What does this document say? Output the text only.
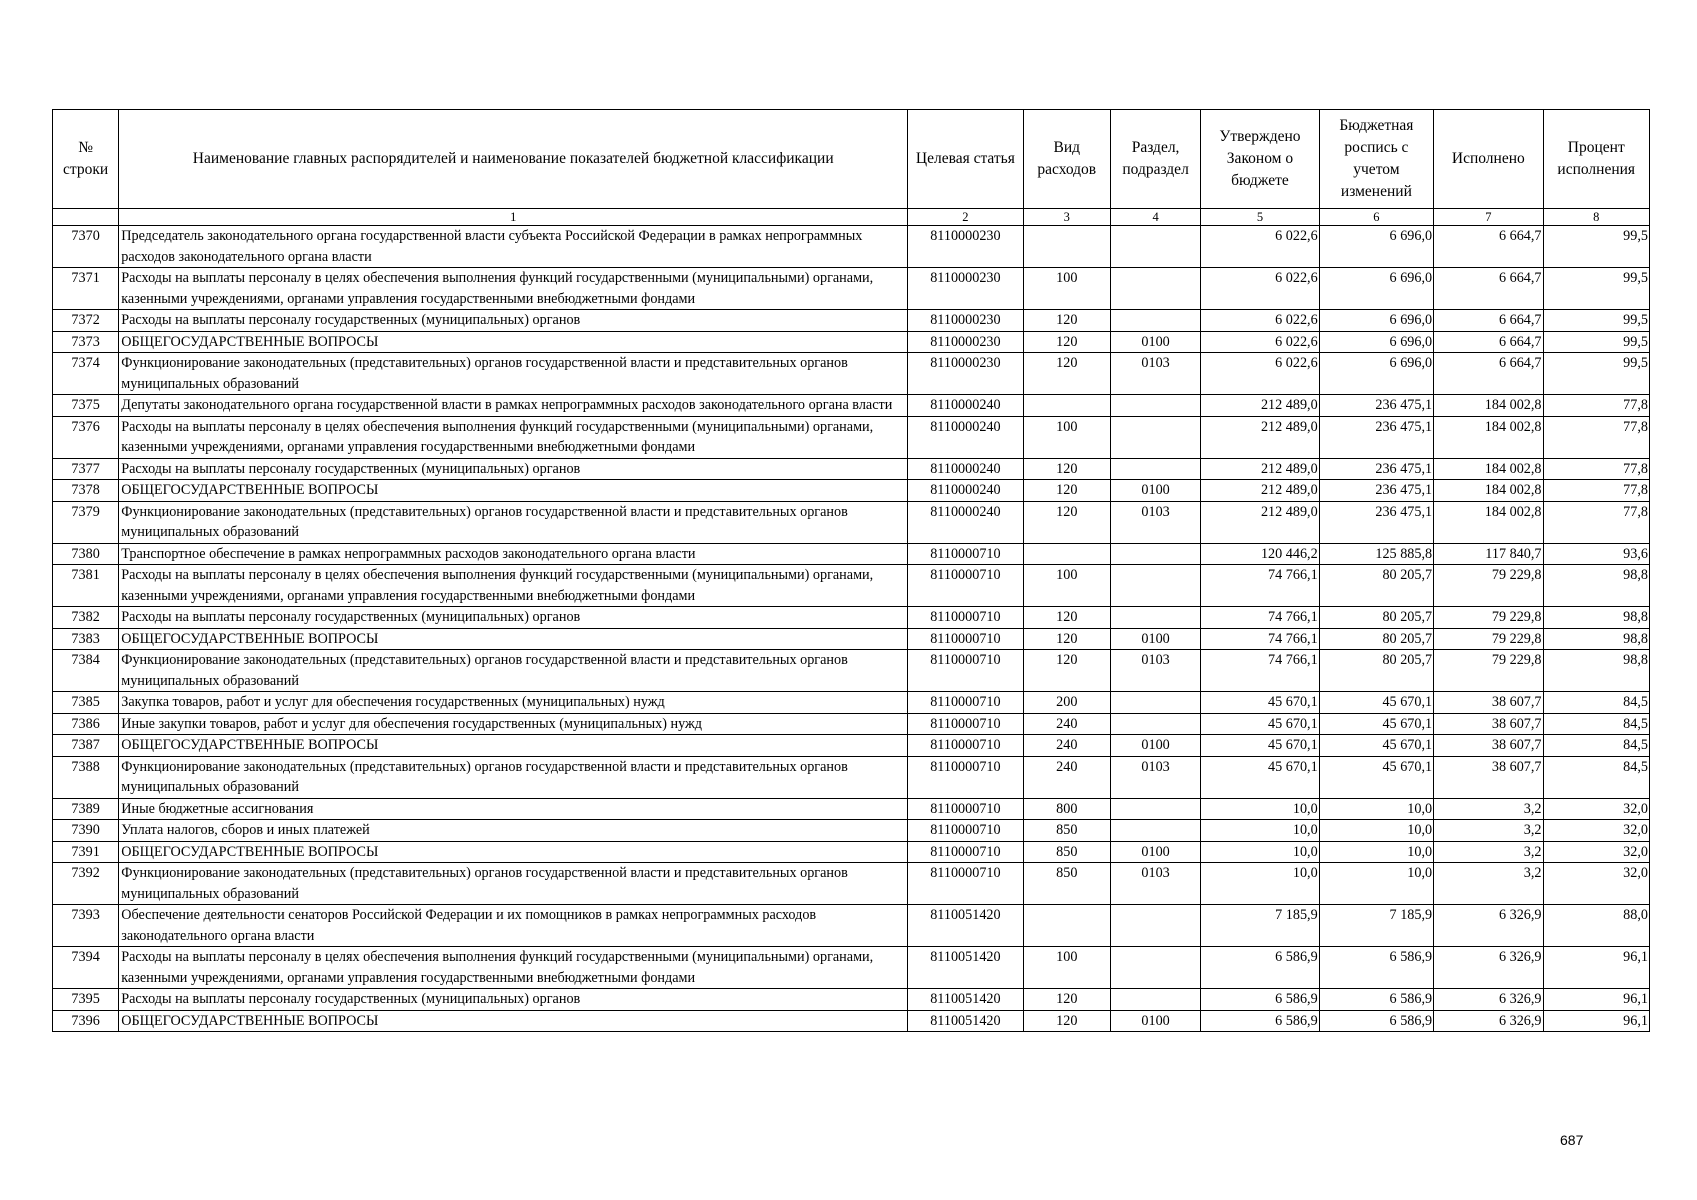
№ строки	Наименование главных распорядителей и наименование показателей бюджетной классификации	Целевая статья	Вид расходов	Раздел, подраздел	Утверждено Законом о бюджете	Бюджетная роспись с учетом изменений	Исполнено	Процент исполнения
	1	2	3	4	5	6	7	8
7370	Председатель законодательного органа государственной власти субъекта Российской Федерации в рамках непрограммных расходов законодательного органа власти	8110000230			6 022,6	6 696,0	6 664,7	99,5
7371	Расходы на выплаты персоналу в целях обеспечения выполнения функций государственными (муниципальными) органами, казенными учреждениями, органами управления государственными внебюджетными фондами	8110000230	100		6 022,6	6 696,0	6 664,7	99,5
7372	Расходы на выплаты персоналу государственных (муниципальных) органов	8110000230	120		6 022,6	6 696,0	6 664,7	99,5
7373	ОБЩЕГОСУДАРСТВЕННЫЕ ВОПРОСЫ	8110000230	120	0100	6 022,6	6 696,0	6 664,7	99,5
7374	Функционирование законодательных (представительных) органов государственной власти и представительных органов муниципальных образований	8110000230	120	0103	6 022,6	6 696,0	6 664,7	99,5
7375	Депутаты законодательного органа государственной власти в рамках непрограммных расходов законодательного органа власти	8110000240			212 489,0	236 475,1	184 002,8	77,8
7376	Расходы на выплаты персоналу в целях обеспечения выполнения функций государственными (муниципальными) органами, казенными учреждениями, органами управления государственными внебюджетными фондами	8110000240	100		212 489,0	236 475,1	184 002,8	77,8
7377	Расходы на выплаты персоналу государственных (муниципальных) органов	8110000240	120		212 489,0	236 475,1	184 002,8	77,8
7378	ОБЩЕГОСУДАРСТВЕННЫЕ ВОПРОСЫ	8110000240	120	0100	212 489,0	236 475,1	184 002,8	77,8
7379	Функционирование законодательных (представительных) органов государственной власти и представительных органов муниципальных образований	8110000240	120	0103	212 489,0	236 475,1	184 002,8	77,8
7380	Транспортное обеспечение в рамках непрограммных расходов законодательного органа власти	8110000710			120 446,2	125 885,8	117 840,7	93,6
7381	Расходы на выплаты персоналу в целях обеспечения выполнения функций государственными (муниципальными) органами, казенными учреждениями, органами управления государственными внебюджетными фондами	8110000710	100		74 766,1	80 205,7	79 229,8	98,8
7382	Расходы на выплаты персоналу государственных (муниципальных) органов	8110000710	120		74 766,1	80 205,7	79 229,8	98,8
7383	ОБЩЕГОСУДАРСТВЕННЫЕ ВОПРОСЫ	8110000710	120	0100	74 766,1	80 205,7	79 229,8	98,8
7384	Функционирование законодательных (представительных) органов государственной власти и представительных органов муниципальных образований	8110000710	120	0103	74 766,1	80 205,7	79 229,8	98,8
7385	Закупка товаров, работ и услуг для обеспечения государственных (муниципальных) нужд	8110000710	200		45 670,1	45 670,1	38 607,7	84,5
7386	Иные закупки товаров, работ и услуг для обеспечения государственных (муниципальных) нужд	8110000710	240		45 670,1	45 670,1	38 607,7	84,5
7387	ОБЩЕГОСУДАРСТВЕННЫЕ ВОПРОСЫ	8110000710	240	0100	45 670,1	45 670,1	38 607,7	84,5
7388	Функционирование законодательных (представительных) органов государственной власти и представительных органов муниципальных образований	8110000710	240	0103	45 670,1	45 670,1	38 607,7	84,5
7389	Иные бюджетные ассигнования	8110000710	800		10,0	10,0	3,2	32,0
7390	Уплата налогов, сборов и иных платежей	8110000710	850		10,0	10,0	3,2	32,0
7391	ОБЩЕГОСУДАРСТВЕННЫЕ ВОПРОСЫ	8110000710	850	0100	10,0	10,0	3,2	32,0
7392	Функционирование законодательных (представительных) органов государственной власти и представительных органов муниципальных образований	8110000710	850	0103	10,0	10,0	3,2	32,0
7393	Обеспечение деятельности сенаторов Российской Федерации и их помощников в рамках непрограммных расходов законодательного органа власти	8110051420			7 185,9	7 185,9	6 326,9	88,0
7394	Расходы на выплаты персоналу в целях обеспечения выполнения функций государственными (муниципальными) органами, казенными учреждениями, органами управления государственными внебюджетными фондами	8110051420	100		6 586,9	6 586,9	6 326,9	96,1
7395	Расходы на выплаты персоналу государственных (муниципальных) органов	8110051420	120		6 586,9	6 586,9	6 326,9	96,1
7396	ОБЩЕГОСУДАРСТВЕННЫЕ ВОПРОСЫ	8110051420	120	0100	6 586,9	6 586,9	6 326,9	96,1
687
